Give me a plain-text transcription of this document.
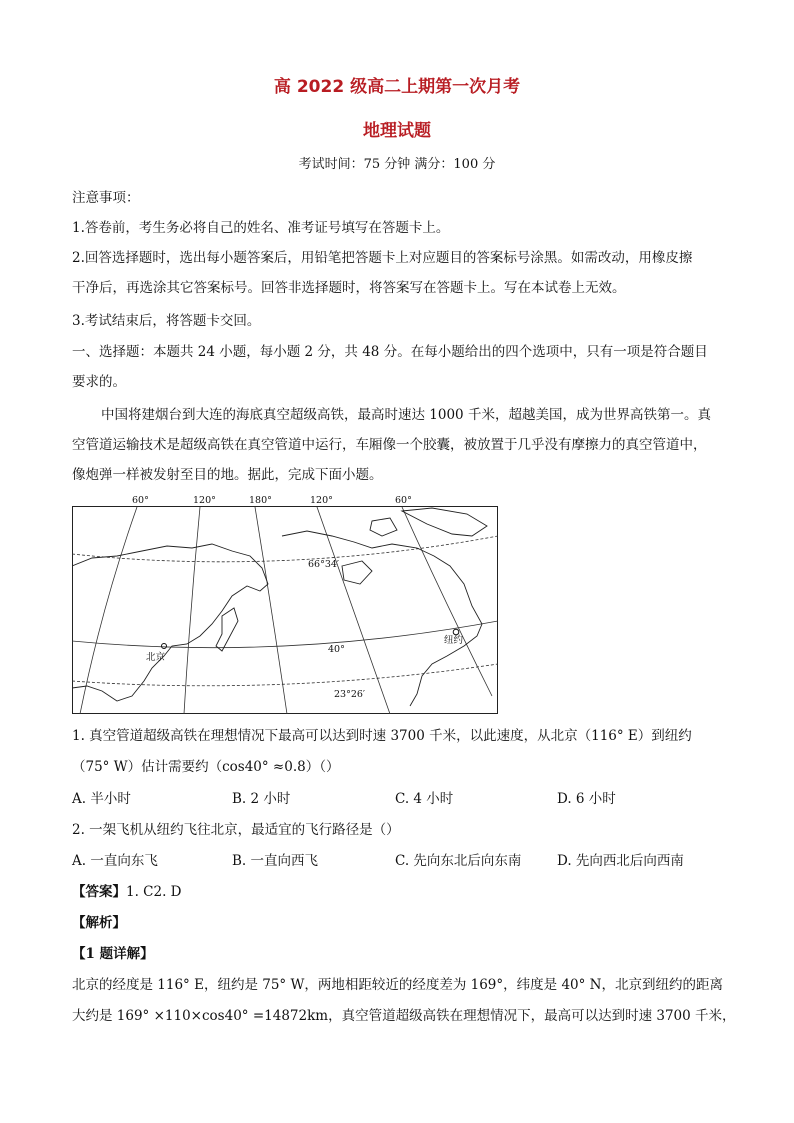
高 2022 级高二上期第一次月考
地理试题
考试时间：75 分钟 满分：100 分
注意事项：
1.答卷前，考生务必将自己的姓名、准考证号填写在答题卡上。
2.回答选择题时，选出每小题答案后，用铅笔把答题卡上对应题目的答案标号涂黑。如需改动，用橡皮擦
干净后，再选涂其它答案标号。回答非选择题时，将答案写在答题卡上。写在本试卷上无效。
3.考试结束后，将答题卡交回。
一、选择题：本题共 24 小题，每小题 2 分，共 48 分。在每小题给出的四个选项中，只有一项是符合题目
要求的。
中国将建烟台到大连的海底真空超级高铁，最高时速达 1000 千米，超越美国，成为世界高铁第一。真
空管道运输技术是超级高铁在真空管道中运行，车厢像一个胶囊，被放置于几乎没有摩擦力的真空管道中，
像炮弹一样被发射至目的地。据此，完成下面小题。
60°	120°	180°	120°	60°
66°34′
40°
23°26′
北京
纽约
1. 真空管道超级高铁在理想情况下最高可以达到时速 3700 千米，以此速度，从北京（116° E）到纽约
（75° W）估计需要约（cos40° ≈0.8）（）
A. 半小时	B. 2 小时	C. 4 小时	D. 6 小时
2. 一架飞机从纽约飞往北京，最适宜的飞行路径是（）
A. 一直向东飞	B. 一直向西飞	C. 先向东北后向东南	D. 先向西北后向西南
【答案】1. C2. D
【解析】
【1 题详解】
北京的经度是 116° E，纽约是 75° W，两地相距较近的经度差为 169°，纬度是 40° N，北京到纽约的距离
大约是 169° ×110×cos40° =14872km，真空管道超级高铁在理想情况下，最高可以达到时速 3700 千米，
